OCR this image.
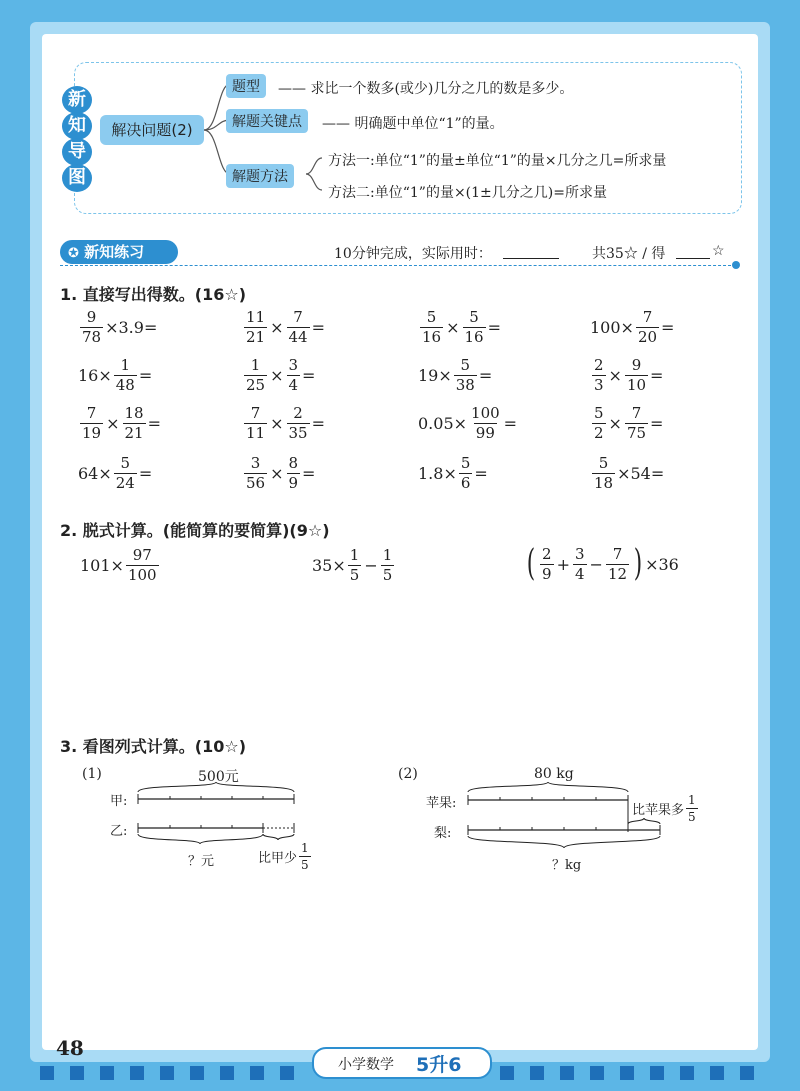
新
知
导
图
解决问题(2)
题型	—— 求比一个数多(或少)几分之几的数是多少。
解题关键点	—— 明确题中单位“1”的量。
解题方法
方法一:单位“1”的量±单位“1”的量×几分之几=所求量
方法二:单位“1”的量×(1±几分之几)=所求量
✪ 新知练习	10分钟完成，实际用时：	共35☆ / 得	☆
1. 直接写出得数。(16☆)
$\frac{9}{78} \times 3.9=$	$\frac{11}{21} \times \frac{7}{44}$ =	$\frac{5}{16} \times \frac{5}{16}$ =	$100\times \frac{7}{20}$ =
$16\times \frac{1}{48}$ =	$\frac{1}{25} \times \frac{3}{4}$ =	$19\times \frac{5}{38}$ =	$\frac{2}{3} \times \frac{9}{10}$ =
$\frac{7}{19} \times \frac{18}{21}$ =	$\frac{7}{11} \times \frac{2}{35}$ =	$0.05\times \frac{100}{99}$ =	$\frac{5}{2} \times \frac{7}{75}$ =
$64\times \frac{5}{24}$ =	$\frac{3}{56} \times \frac{8}{9}$ =	$1.8\times \frac{5}{6}$ =	$\frac{5}{18} \times 54=$
2. 脱式计算。(能简算的要简算)(9☆)
$101\times \frac{97}{100}$	$35\times \frac{1}{5} - \frac{1}{5}$	( 2
$9 + \frac{3}{4} - \frac{7}{12}$ ) ×36
3. 看图列式计算。(10☆)
(1)	500元
甲:
乙:
？元	比甲少
1
5
(2)	80 kg
苹果:
梨:
比苹果多
1
5
？kg
48
小学数学 5升6
